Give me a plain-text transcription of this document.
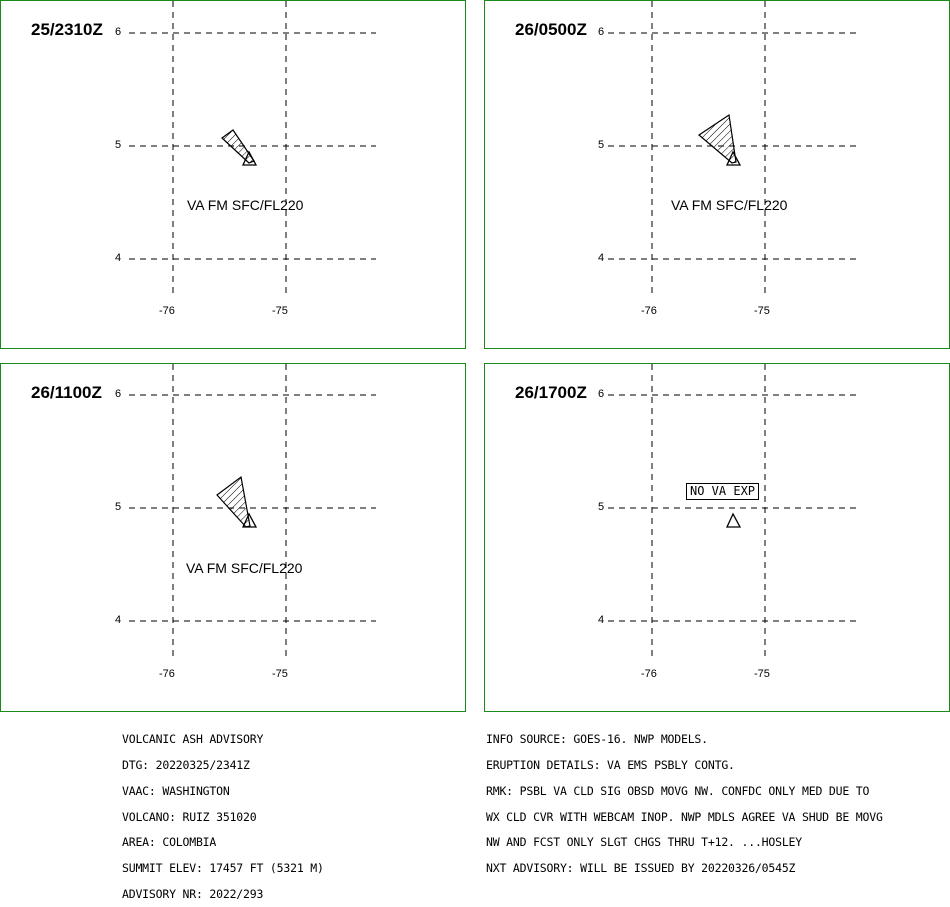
25/2310Z 6
5
4
-76	-75
VA FM SFC/FL220
26/0500Z 6
5
4
-76	-75
VA FM SFC/FL220
26/1100Z 6
5
4
-76	-75
VA FM SFC/FL220
26/1700Z 6
5
4
-76	-75
NO VA EXP

VOLCANIC ASH ADVISORY

DTG: 20220325/2341Z

VAAC: WASHINGTON

VOLCANO: RUIZ 351020

AREA: COLOMBIA

SUMMIT ELEV: 17457 FT (5321 M)

ADVISORY NR: 2022/293

INFO SOURCE: GOES-16. NWP MODELS.

ERUPTION DETAILS: VA EMS PSBLY CONTG.

RMK: PSBL VA CLD SIG OBSD MOVG NW. CONFDC ONLY MED DUE TO

WX CLD CVR WITH WEBCAM INOP. NWP MDLS AGREE VA SHUD BE MOVG

NW AND FCST ONLY SLGT CHGS THRU T+12. ...HOSLEY

NXT ADVISORY: WILL BE ISSUED BY 20220326/0545Z
